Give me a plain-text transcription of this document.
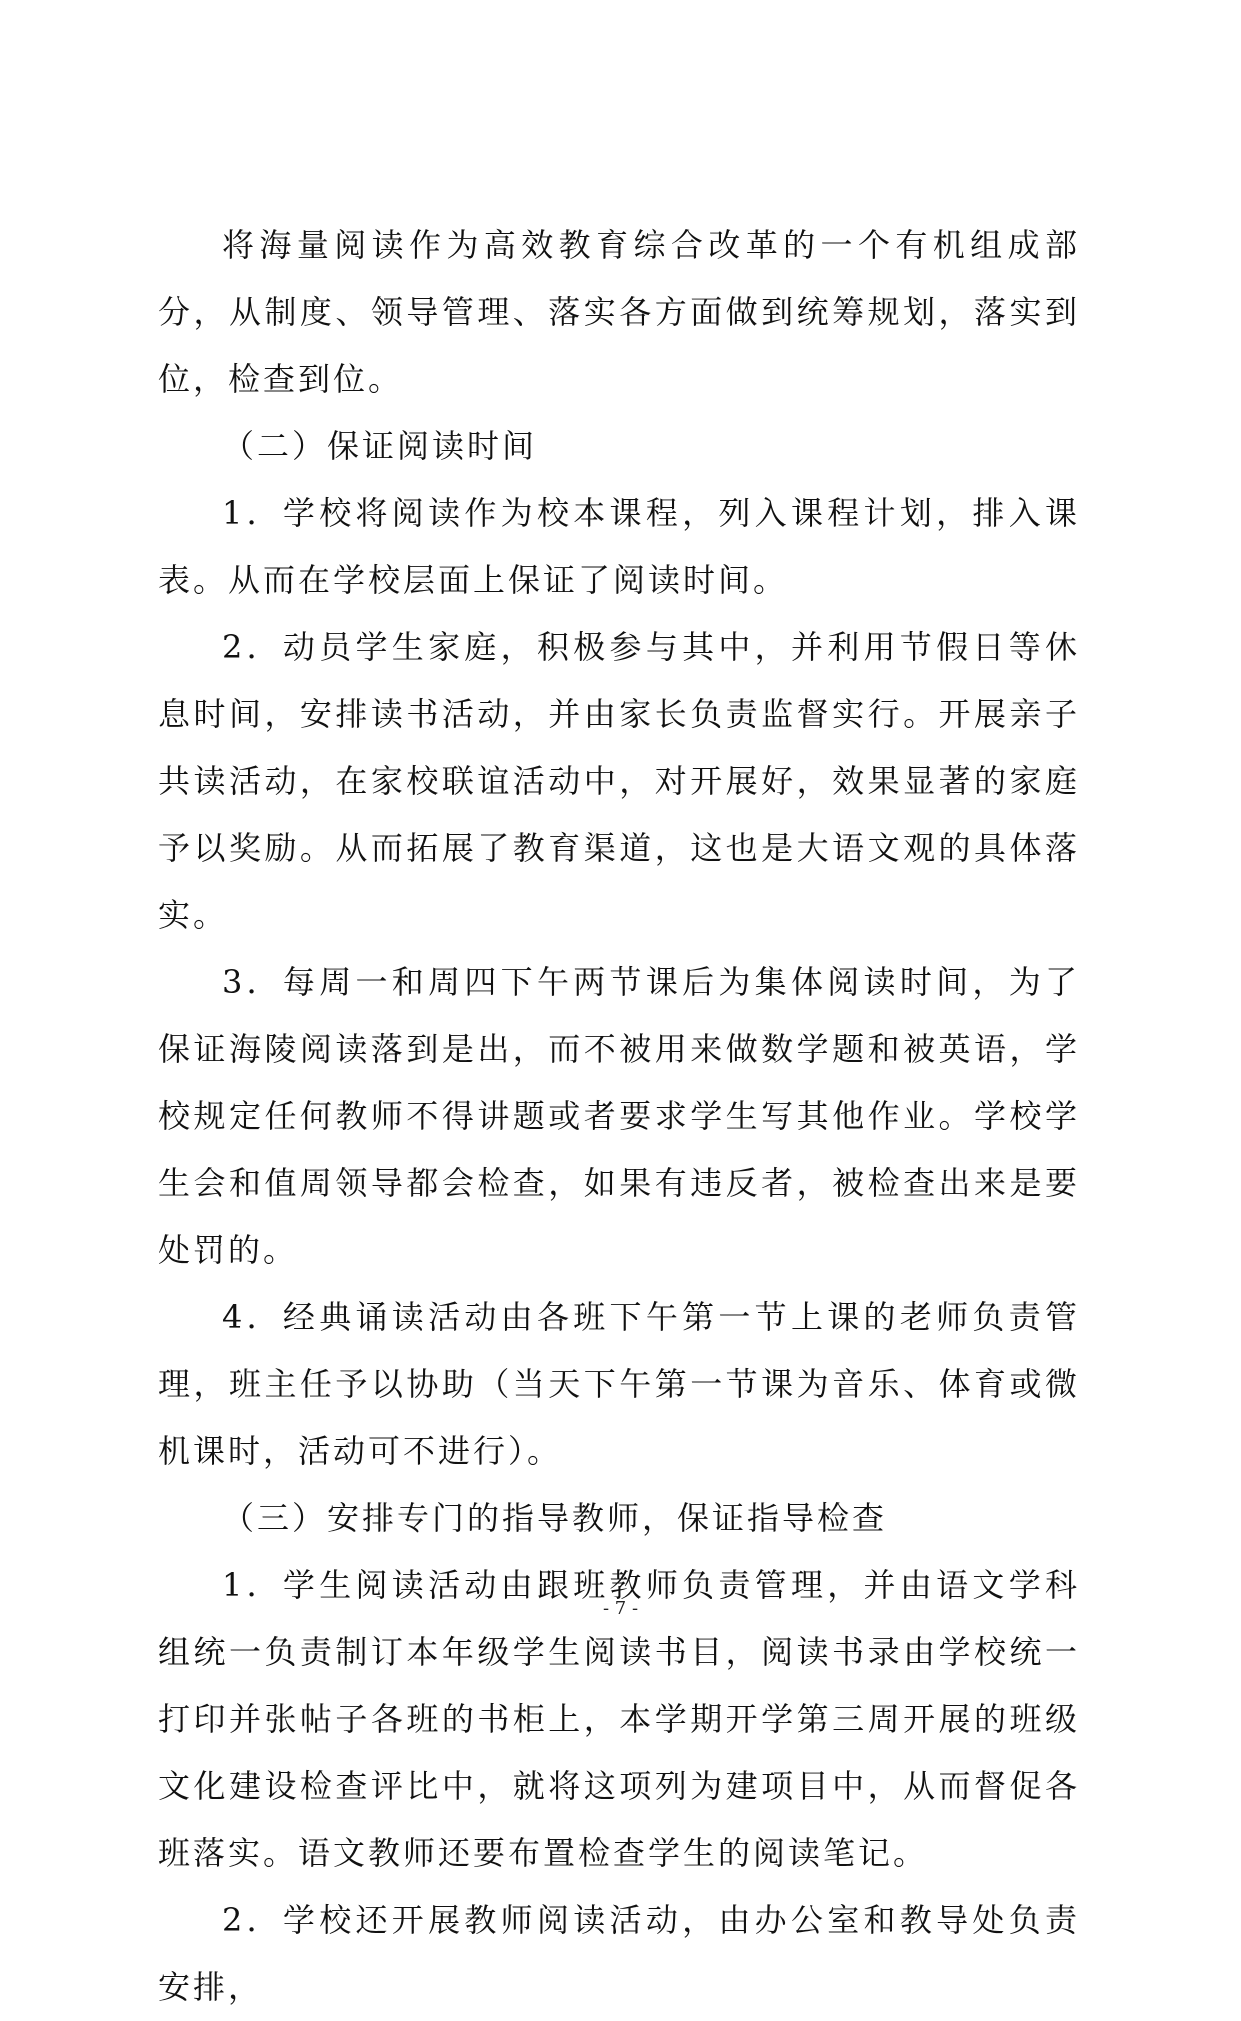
将海量阅读作为高效教育综合改革的一个有机组成部分，从制度、领导管理、落实各方面做到统筹规划，落实到位，检查到位。

（二）保证阅读时间

1．学校将阅读作为校本课程，列入课程计划，排入课表。从而在学校层面上保证了阅读时间。

2．动员学生家庭，积极参与其中，并利用节假日等休息时间，安排读书活动，并由家长负责监督实行。开展亲子共读活动，在家校联谊活动中，对开展好，效果显著的家庭予以奖励。从而拓展了教育渠道，这也是大语文观的具体落实。

3．每周一和周四下午两节课后为集体阅读时间，为了保证海陵阅读落到是出，而不被用来做数学题和被英语，学校规定任何教师不得讲题或者要求学生写其他作业。学校学生会和值周领导都会检查，如果有违反者，被检查出来是要处罚的。

4．经典诵读活动由各班下午第一节上课的老师负责管理，班主任予以协助（当天下午第一节课为音乐、体育或微机课时，活动可不进行）。

（三）安排专门的指导教师，保证指导检查

1．学生阅读活动由跟班教师负责管理，并由语文学科组统一负责制订本年级学生阅读书目，阅读书录由学校统一打印并张帖子各班的书柜上，本学期开学第三周开展的班级文化建设检查评比中，就将这项列为建项目中，从而督促各班落实。语文教师还要布置检查学生的阅读笔记。

2．学校还开展教师阅读活动，由办公室和教导处负责安排，

- 7 -
